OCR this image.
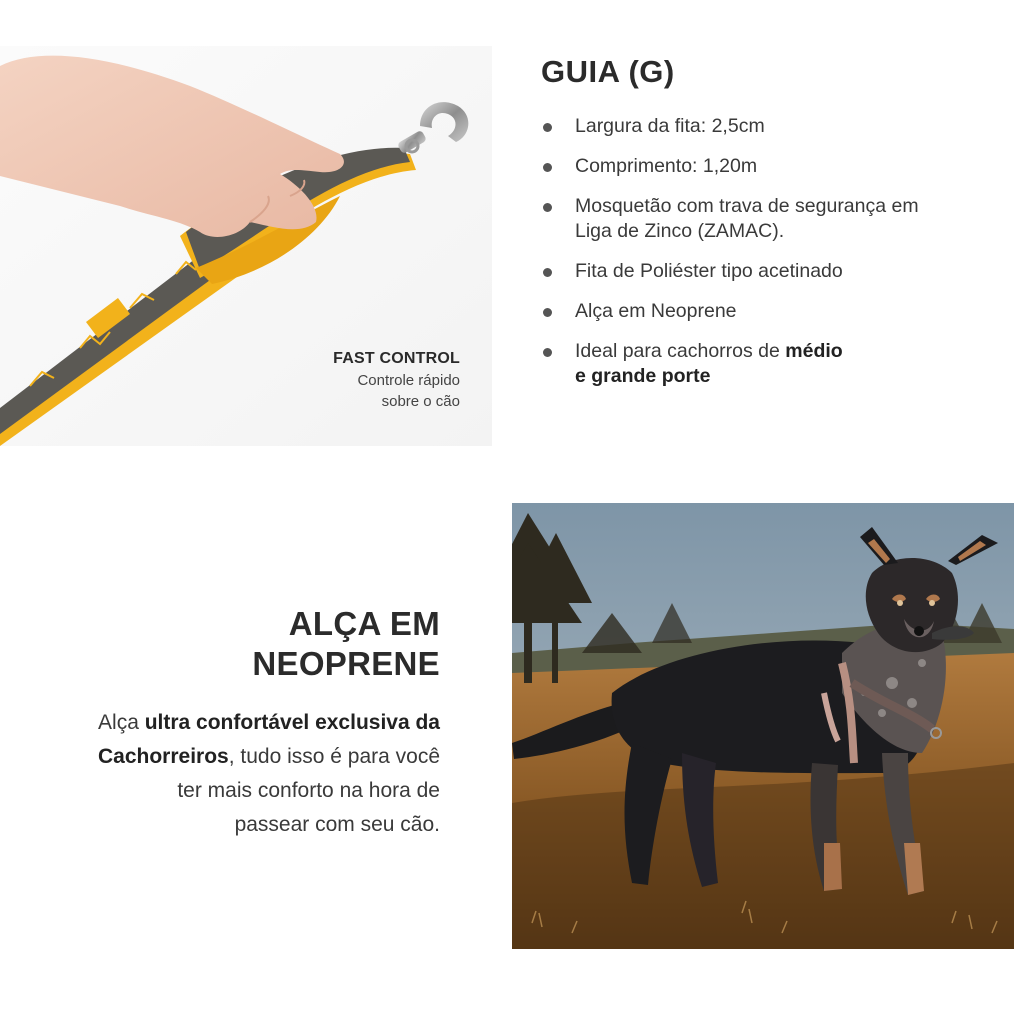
FAST CONTROL
Controle rápido
sobre o cão
GUIA (G)
Largura da fita: 2,5cm
Comprimento: 1,20m
Mosquetão com trava de segurança em
Liga de Zinco (ZAMAC).
Fita de Poliéster tipo acetinado
Alça em Neoprene
Ideal para cachorros de médio
e grande porte
ALÇA EM
NEOPRENE

Alça ultra confortável exclusiva da
Cachorreiros, tudo isso é para você
ter mais conforto na hora de
passear com seu cão.
